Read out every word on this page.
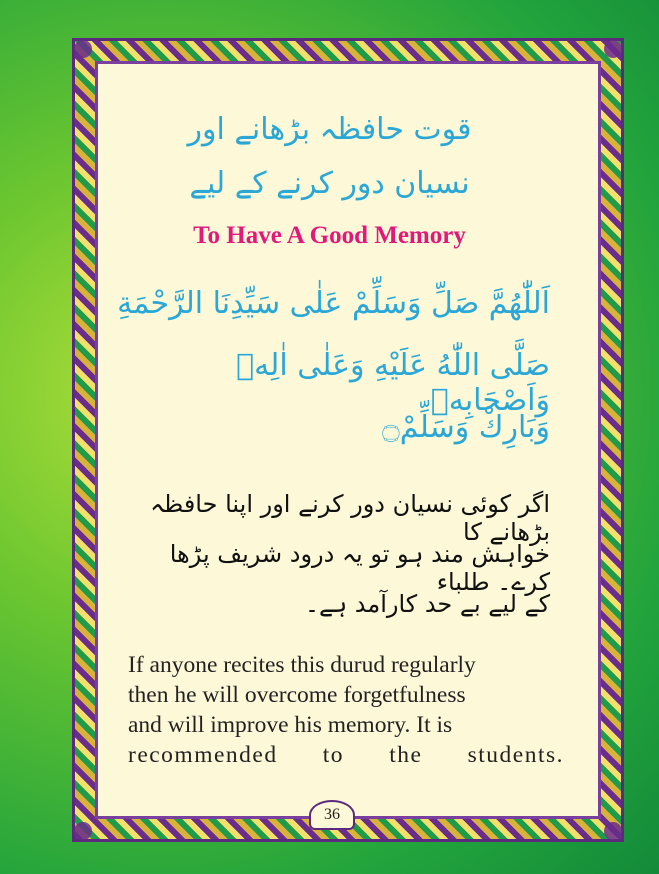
قوت حافظہ بڑھانے اور
نسیان دور کرنے کے لیے
To Have A Good Memory
اَللّٰهُمَّ صَلِّ وَسَلِّمْ عَلٰى سَيِّدِنَا الرَّحْمَةِ
صَلَّى اللّٰهُ عَلَيْهِ وَعَلٰى اٰلِهٖ وَاَصْحَابِهٖ
وَبَارِكْ وَسَلِّمْ۝
اگر کوئی نسیان دور کرنے اور اپنا حافظہ بڑھانے کا
خواہش مند ہو تو یہ درود شریف پڑھا کرے۔ طلباء
کے لیے بے حد کارآمد ہے۔
If anyone recites this durud regularly
then he will overcome forgetfulness
and will improve his memory. It is
recommended to the students.
36
